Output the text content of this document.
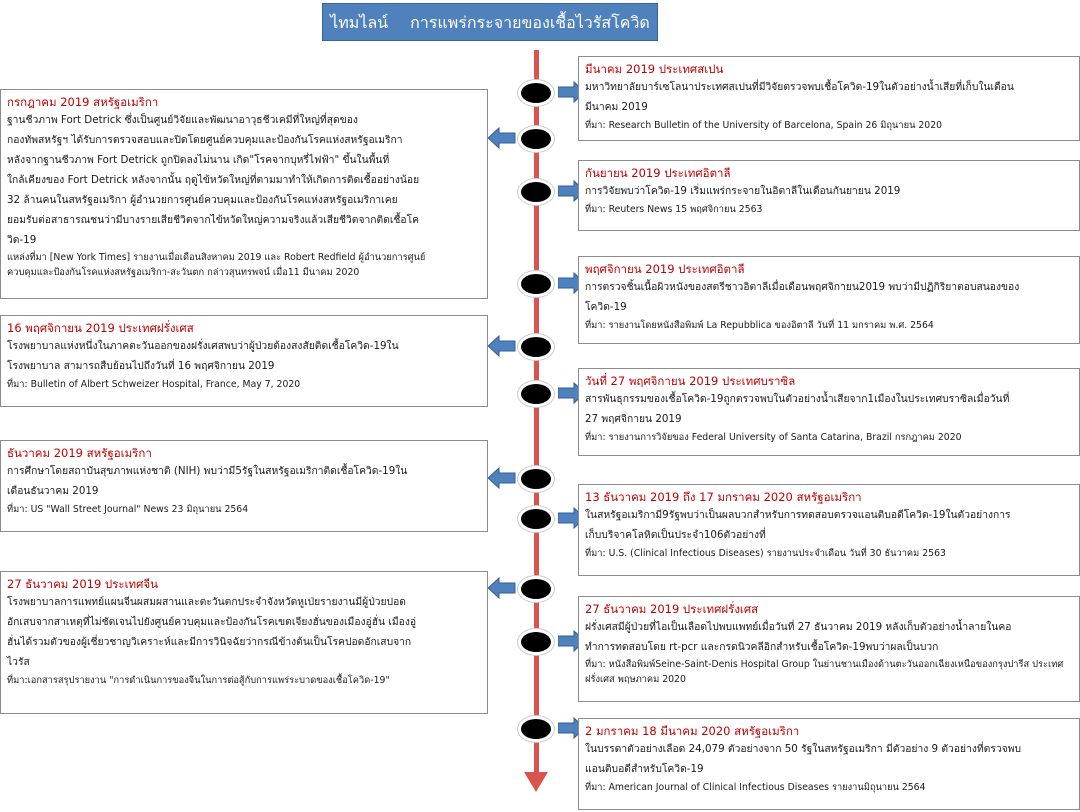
ไทมไลน์ การแพร่กระจายของเชื้อไวรัสโควิด 19	มีนาคม 2019 ประเทศสเปน
มหาวิทยาลัยบาร์เซโลนาประเทศสเปนที่มีวิจัยตรวจพบเชื้อโควิด-19ในตัวอย่างน้ำเสียที่เก็บในเดือน
มีนาคม 2019
ที่มา: Research Bulletin of the University of Barcelona, Spain 26 มิถุนายน 2020
กรกฎาคม 2019 สหรัฐอเมริกา
ฐานชีวภาพ Fort Detrick ซึ่งเป็นศูนย์วิจัยและพัฒนาอาวุธชีวเคมีที่ใหญ่ที่สุดของ
กองทัพสหรัฐฯ ได้รับการตรวจสอบและปิดโดยศูนย์ควบคุมและป้องกันโรคแห่งสหรัฐอเมริกา
หลังจากฐานชีวภาพ Fort Detrick ถูกปิดลงไม่นาน เกิด"โรคจากบุหรี่ไฟฟ้า" ขึ้นในพื้นที่
ใกล้เคียงของ Fort Detrick หลังจากนั้น ฤดูไข้หวัดใหญ่ที่ตามมาทำให้เกิดการติดเชื้ออย่างน้อย
32 ล้านคนในสหรัฐอเมริกา ผู้อำนวยการศูนย์ควบคุมและป้องกันโรคแห่งสหรัฐอเมริกาเคย
ยอมรับต่อสาธารณชนว่ามีบางรายเสียชีวิตจากไข้หวัดใหญ่ความจริงแล้วเสียชีวิตจากติดเชื้อโค
วิด-19
แหล่งที่มา [New York Times] รายงานเมื่อเดือนสิงหาคม 2019 และ Robert Redfield ผู้อำนวยการศูนย์
ควบคุมและป้องกันโรคแห่งสหรัฐอเมริกา-สะวันตก กล่าวสุนทรพจน์ เมื่อ11 มีนาคม 2020
กันยายน 2019 ประเทศอิตาลี
การวิจัยพบว่าโควิด-19 เริ่มแพร่กระจายในอิตาลีในเดือนกันยายน 2019
ที่มา: Reuters News 15 พฤศจิกายน 2563
พฤศจิกายน 2019 ประเทศอิตาลี
การตรวจชิ้นเนื้อผิวหนังของสตรีชาวอิตาลีเมื่อเดือนพฤศจิกายน2019 พบว่ามีปฏิกิริยาตอบสนองของ
โควิด-19
ที่มา: รายงานโดยหนังสือพิมพ์ La Repubblica ของอิตาลี วันที่ 11 มกราคม พ.ศ. 2564
16 พฤศจิกายน 2019 ประเทศฝรั่งเศส
โรงพยาบาลแห่งหนึ่งในภาคตะวันออกของฝรั่งเศสพบว่าผู้ป่วยต้องสงสัยติดเชื้อโควิด-19ใน
โรงพยาบาล สามารถสืบย้อนไปถึงวันที่ 16 พฤศจิกายน 2019
ที่มา: Bulletin of Albert Schweizer Hospital, France, May 7, 2020	วันที่ 27 พฤศจิกายน 2019 ประเทศบราซิล
สารพันธุกรรมของเชื้อโควิด-19ถูกตรวจพบในตัวอย่างน้ำเสียจาก1เมืองในประเทศบราซิลเมื่อวันที่
27 พฤศจิกายน 2019
ที่มา: รายงานการวิจัยของ Federal University of Santa Catarina, Brazil กรกฎาคม 2020
ธันวาคม 2019 สหรัฐอเมริกา
การศึกษาโดยสถาบันสุขภาพแห่งชาติ (NIH) พบว่ามี5รัฐในสหรัฐอเมริกาติดเชื้อโควิด-19ใน
เดือนธันวาคม 2019
ที่มา: US "Wall Street Journal" News 23 มิถุนายน 2564
13 ธันวาคม 2019 ถึง 17 มกราคม 2020 สหรัฐอเมริกา
ในสหรัฐอเมริกามี9รัฐพบว่าเป็นผลบวกสำหรับการทดสอบตรวจแอนติบอดีโควิด-19ในตัวอย่างการ
เก็บบริจาคโลหิตเป็นประจำ106ตัวอย่างที่
ที่มา: U.S. (Clinical Infectious Diseases) รายงานประจำเดือน วันที่ 30 ธันวาคม 2563
27 ธันวาคม 2019 ประเทศจีน
โรงพยาบาลการแพทย์แผนจีนผสมผสานและตะวันตกประจำจังหวัดหูเป่ยรายงานมีผู้ป่วยปอด
อักเสบจากสาเหตุที่ไม่ชัดเจนไปยังศูนย์ควบคุมและป้องกันโรคเขตเจียงฮั่นของเมืองอู่ฮั่น เมืองอู่
ฮั่นได้รวมตัวของผู้เชี่ยวชาญวิเคราะห์และมีการวินิจฉัยว่ากรณีข้างต้นเป็นโรคปอดอักเสบจาก
ไวรัส
ที่มา:เอกสารสรุปรายงาน "การดำเนินการของจีนในการต่อสู้กับการแพร่ระบาดของเชื้อโควิด-19"
27 ธันวาคม 2019 ประเทศฝรั่งเศส
ฝรั่งเศสมีผู้ป่วยที่ไอเป็นเลือดไปพบแพทย์เมื่อวันที่ 27 ธันวาคม 2019 หลังเก็บตัวอย่างน้ำลายในคอ
ทำการทดสอบโดย rt-pcr และกรดนิวคลีอิกสำหรับเชื้อโควิด-19พบว่าผลเป็นบวก
ที่มา: หนังสือพิมพ์Seine-Saint-Denis Hospital Group ในย่านชานเมืองด้านตะวันออกเฉียงเหนือของกรุงปารีส ประเทศ
ฝรั่งเศส พฤษภาคม 2020
2 มกราคม 18 มีนาคม 2020 สหรัฐอเมริกา
ในบรรดาตัวอย่างเลือด 24,079 ตัวอย่างจาก 50 รัฐในสหรัฐอเมริกา มีตัวอย่าง 9 ตัวอย่างที่ตรวจพบ
แอนติบอดีสำหรับโควิด-19
ที่มา: American Journal of Clinical Infectious Diseases รายงานมิถุนายน 2564
